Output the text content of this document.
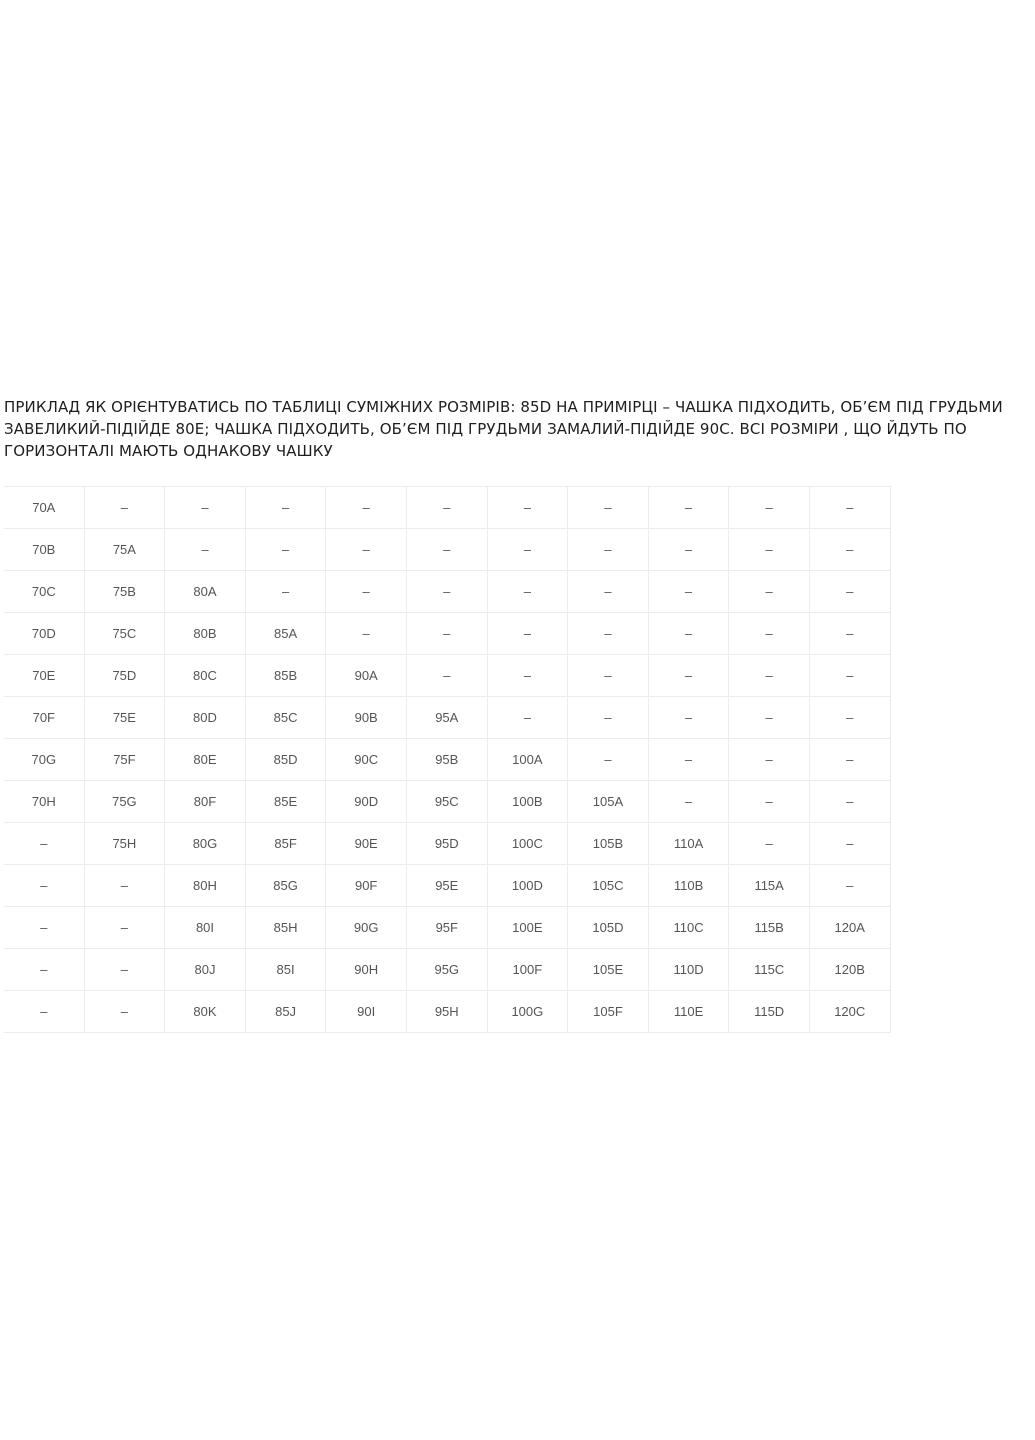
ПРИКЛАД ЯК ОРІЄНТУВАТИСЬ ПО ТАБЛИЦІ СУМІЖНИХ РОЗМІРІВ: 85D НА ПРИМІРЦІ – ЧАШКА ПІДХОДИТЬ, ОБ’ЄМ ПІД ГРУДЬМИ ЗАВЕЛИКИЙ-ПІДІЙДЕ 80Е; ЧАШКА ПІДХОДИТЬ, ОБ’ЄМ ПІД ГРУДЬМИ ЗАМАЛИЙ-ПІДІЙДЕ 90С. ВСІ РОЗМІРИ , ЩО ЙДУТЬ ПО ГОРИЗОНТАЛІ МАЮТЬ ОДНАКОВУ ЧАШКУ

70A	–	–	–	–	–	–	–	–	–	–
70B	75A	–	–	–	–	–	–	–	–	–
70C	75B	80A	–	–	–	–	–	–	–	–
70D	75C	80B	85A	–	–	–	–	–	–	–
70E	75D	80C	85B	90A	–	–	–	–	–	–
70F	75E	80D	85C	90B	95A	–	–	–	–	–
70G	75F	80E	85D	90C	95B	100A	–	–	–	–
70H	75G	80F	85E	90D	95C	100B	105A	–	–	–
–	75H	80G	85F	90E	95D	100C	105B	110A	–	–
–	–	80H	85G	90F	95E	100D	105C	110B	115A	–
–	–	80I	85H	90G	95F	100E	105D	110C	115B	120A
–	–	80J	85I	90H	95G	100F	105E	110D	115C	120B
–	–	80K	85J	90I	95H	100G	105F	110E	115D	120C
